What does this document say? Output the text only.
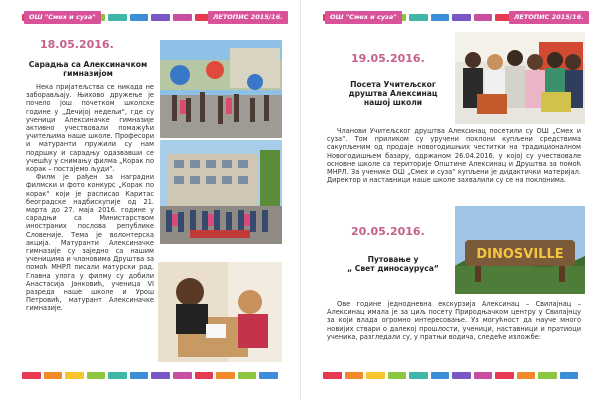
ОШ "Смех и суза"	ЛЕТОПИС 2015/16.
18.05.2016.
Сарадња са Алексиначком
гимназијом

Нека пријатељства се никада не заборављају. Њихово дружење је почело још почетком школске године у „Дечијој недељи“, где су ученици Алексиначке гимназије активно учествовали помажући учитељима наше школе. Професори и матуранти пружили су нам подршку и сарадњу одазвавши се учешћу у снимању филма „Корак по корак – постајемо људи“.

Филм је рађен за наградни филмски и фото конкурс „Корак по корак“ који је расписао Каритас београдске надбискупије од 21. марта до 27. маја 2016. године у сарадњи са Министарством иностраних послова републике Словеније. Тема је волонтерска акција. Матуранти Алексиначке гимназије су заједно са нашим ученицима и члановима Друштва за помоћ МНРЛ писали матурски рад. Главна улога у филму су добили Анастасија Јанковић, ученица VI разреда наше школе и Урош Петровић, матурант Алексиначке гимназије.

ОШ "Смех и суза"	ЛЕТОПИС 2015/16.
19.05.2016.
Посета Учитељског
друштва Алексинац
нашој школи

Чланови Учитељског друштва Алексинац посетили су ОШ „Смех и суза“. Том приликом су уручени поклони купљени средствима сакупљеним од продаје новогодишњих честитки на традиционалном Новогодишњем базару, одржаном 26.04.2016. у којој су учествовале основне школе са територије Општине Алексинац и Друштва за помоћ МНРЛ. За ученике ОШ „Смех и суза“ купљени је дидактички материјал. Директор и наставници наше школе захвалили су се на поклонима.

20.05.2016.
Путовање у
„ Свет диносауруса“
DINOSVILLE

Ове године једнодневна екскурзија Алексинац – Свилајнац – Алексинац имала је за циљ посету Природњачком центру у Свилајнцу за који влада огромно интересовање. Уз могућност да науче много новијих ствари о далекој прошлости, ученици, наставници и пратиоци ученика, разгледали су, у пратњи водича, следеће изложбе:
